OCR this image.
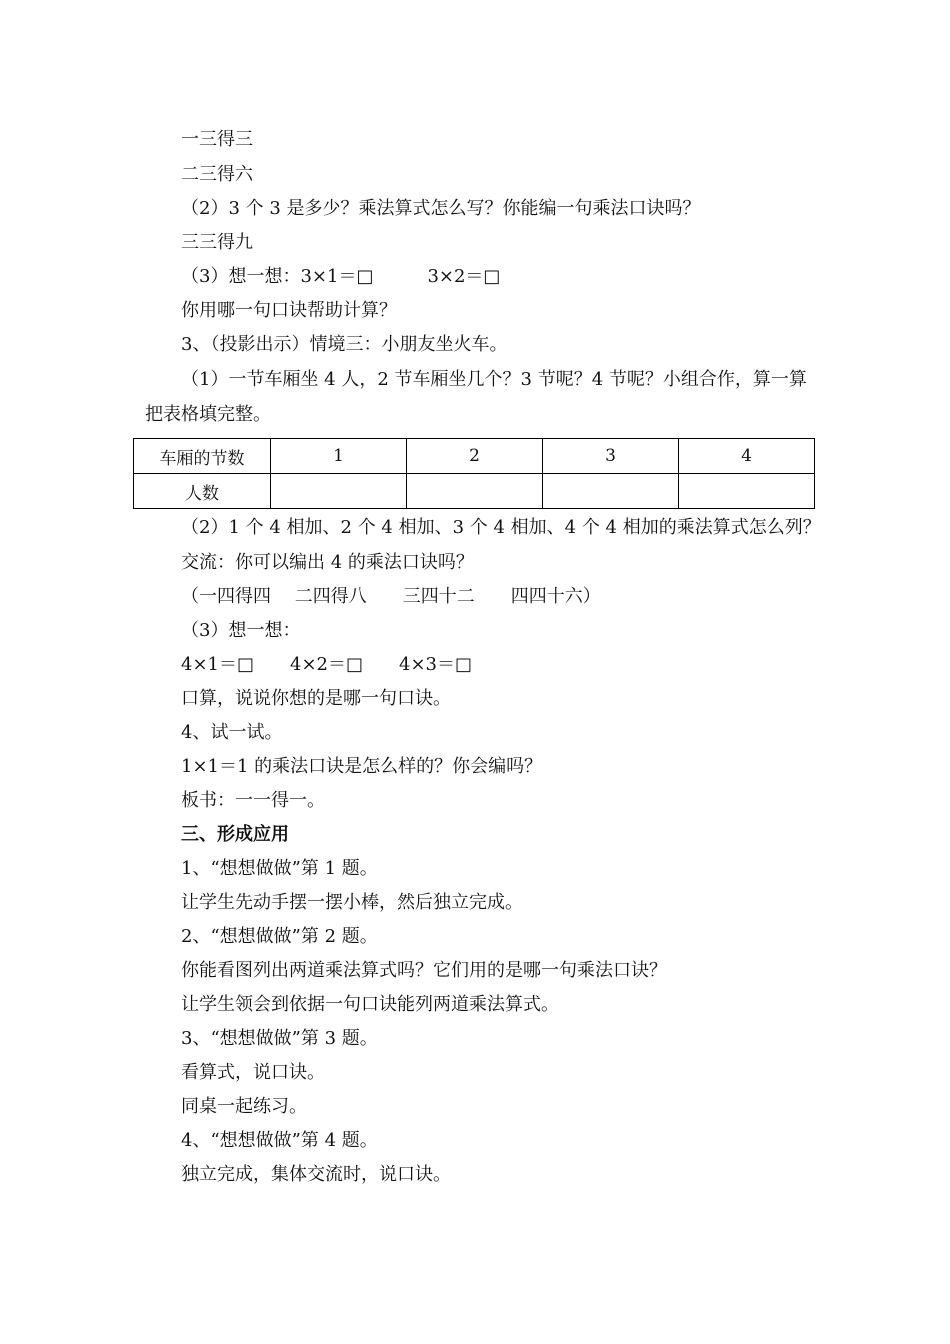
一三得三
二三得六
（2）3 个 3 是多少？乘法算式怎么写？你能编一句乘法口诀吗？
三三得九
（3）想一想：3×1＝□　　　3×2＝□
你用哪一句口诀帮助计算？
3、（投影出示）情境三：小朋友坐火车。
（1）一节车厢坐 4 人，2 节车厢坐几个？3 节呢？4 节呢？小组合作，算一算
把表格填完整。
车厢的节数	1	2	3	4
人数				
（2）1 个 4 相加、2 个 4 相加、3 个 4 相加、4 个 4 相加的乘法算式怎么列？
交流：你可以编出 4 的乘法口诀吗？
（一四得四　 二四得八　　三四十二　　四四十六）
（3）想一想：
4×1＝□　　4×2＝□　　4×3＝□
口算，说说你想的是哪一句口诀。
4、试一试。
1×1＝1 的乘法口诀是怎么样的？你会编吗？
板书：一一得一。
三、形成应用
1、“想想做做”第 1 题。
让学生先动手摆一摆小棒，然后独立完成。
2、“想想做做”第 2 题。
你能看图列出两道乘法算式吗？它们用的是哪一句乘法口诀？
让学生领会到依据一句口诀能列两道乘法算式。
3、“想想做做”第 3 题。
看算式，说口诀。
同桌一起练习。
4、“想想做做”第 4 题。
独立完成，集体交流时，说口诀。
